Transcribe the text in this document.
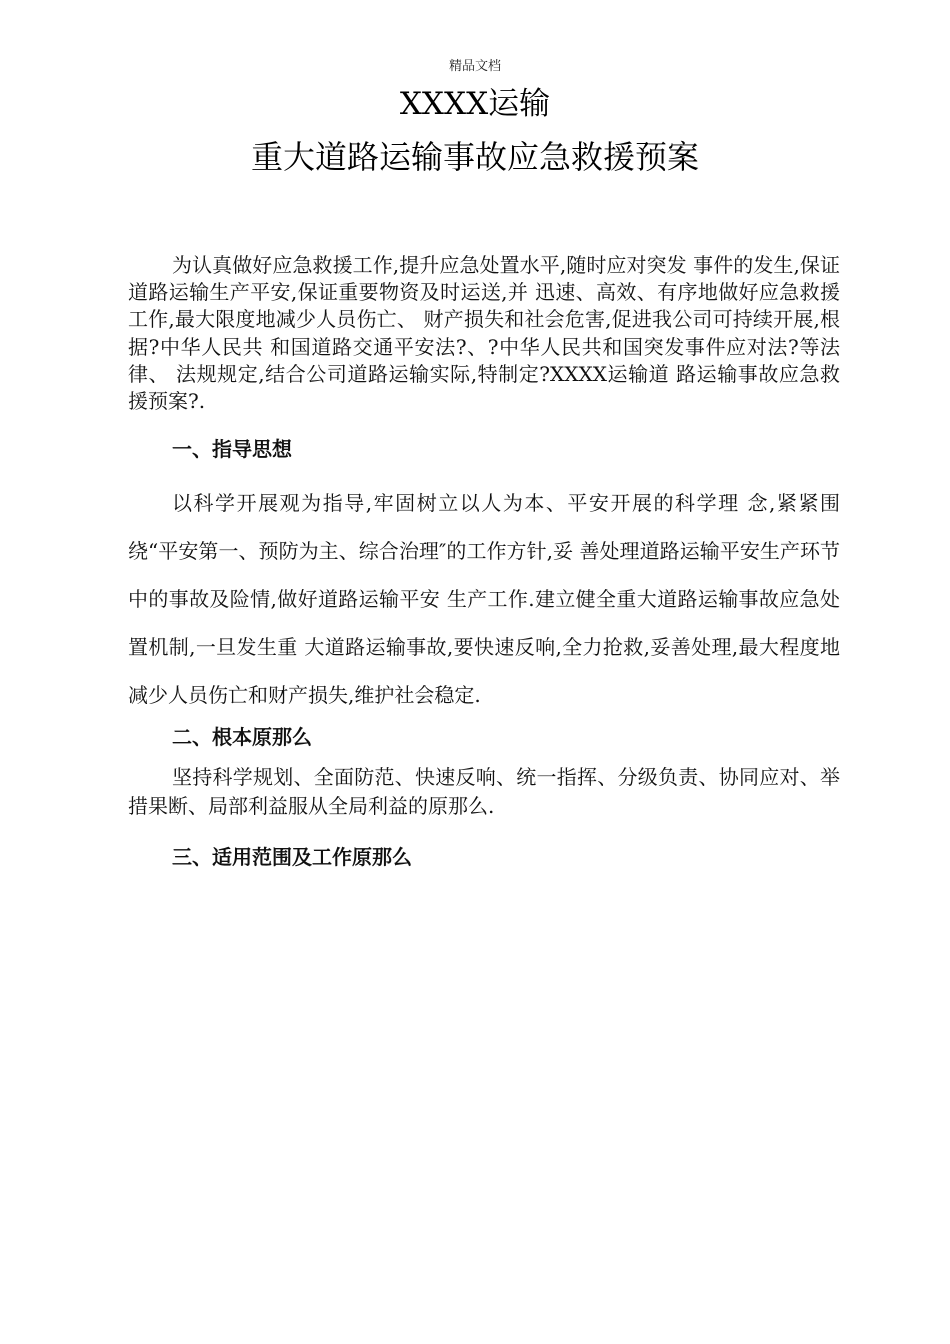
精品文档
XXXX运输
重大道路运输事故应急救援预案

为认真做好应急救援工作,提升应急处置水平,随时应对突发 事件的发生,保证道路运输生产平安,保证重要物资及时运送,并 迅速、高效、有序地做好应急救援工作,最大限度地减少人员伤亡、 财产损失和社会危害,促进我公司可持续开展,根据?中华人民共 和国道路交通平安法?、?中华人民共和国突发事件应对法?等法律、 法规规定,结合公司道路运输实际,特制定?XXXX运输道 路运输事故应急救援预案?.

一、指导思想

以科学开展观为指导,牢固树立以人为本、平安开展的科学理 念,紧紧围绕“平安第一、预防为主、综合治理″的工作方针,妥 善处理道路运输平安生产环节中的事故及险情,做好道路运输平安 生产工作.建立健全重大道路运输事故应急处置机制,一旦发生重 大道路运输事故,要快速反响,全力抢救,妥善处理,最大程度地 减少人员伤亡和财产损失,维护社会稳定.

二、根本原那么

坚持科学规划、全面防范、快速反响、统一指挥、分级负责、协同应对、举措果断、局部利益服从全局利益的原那么.

三、适用范围及工作原那么
